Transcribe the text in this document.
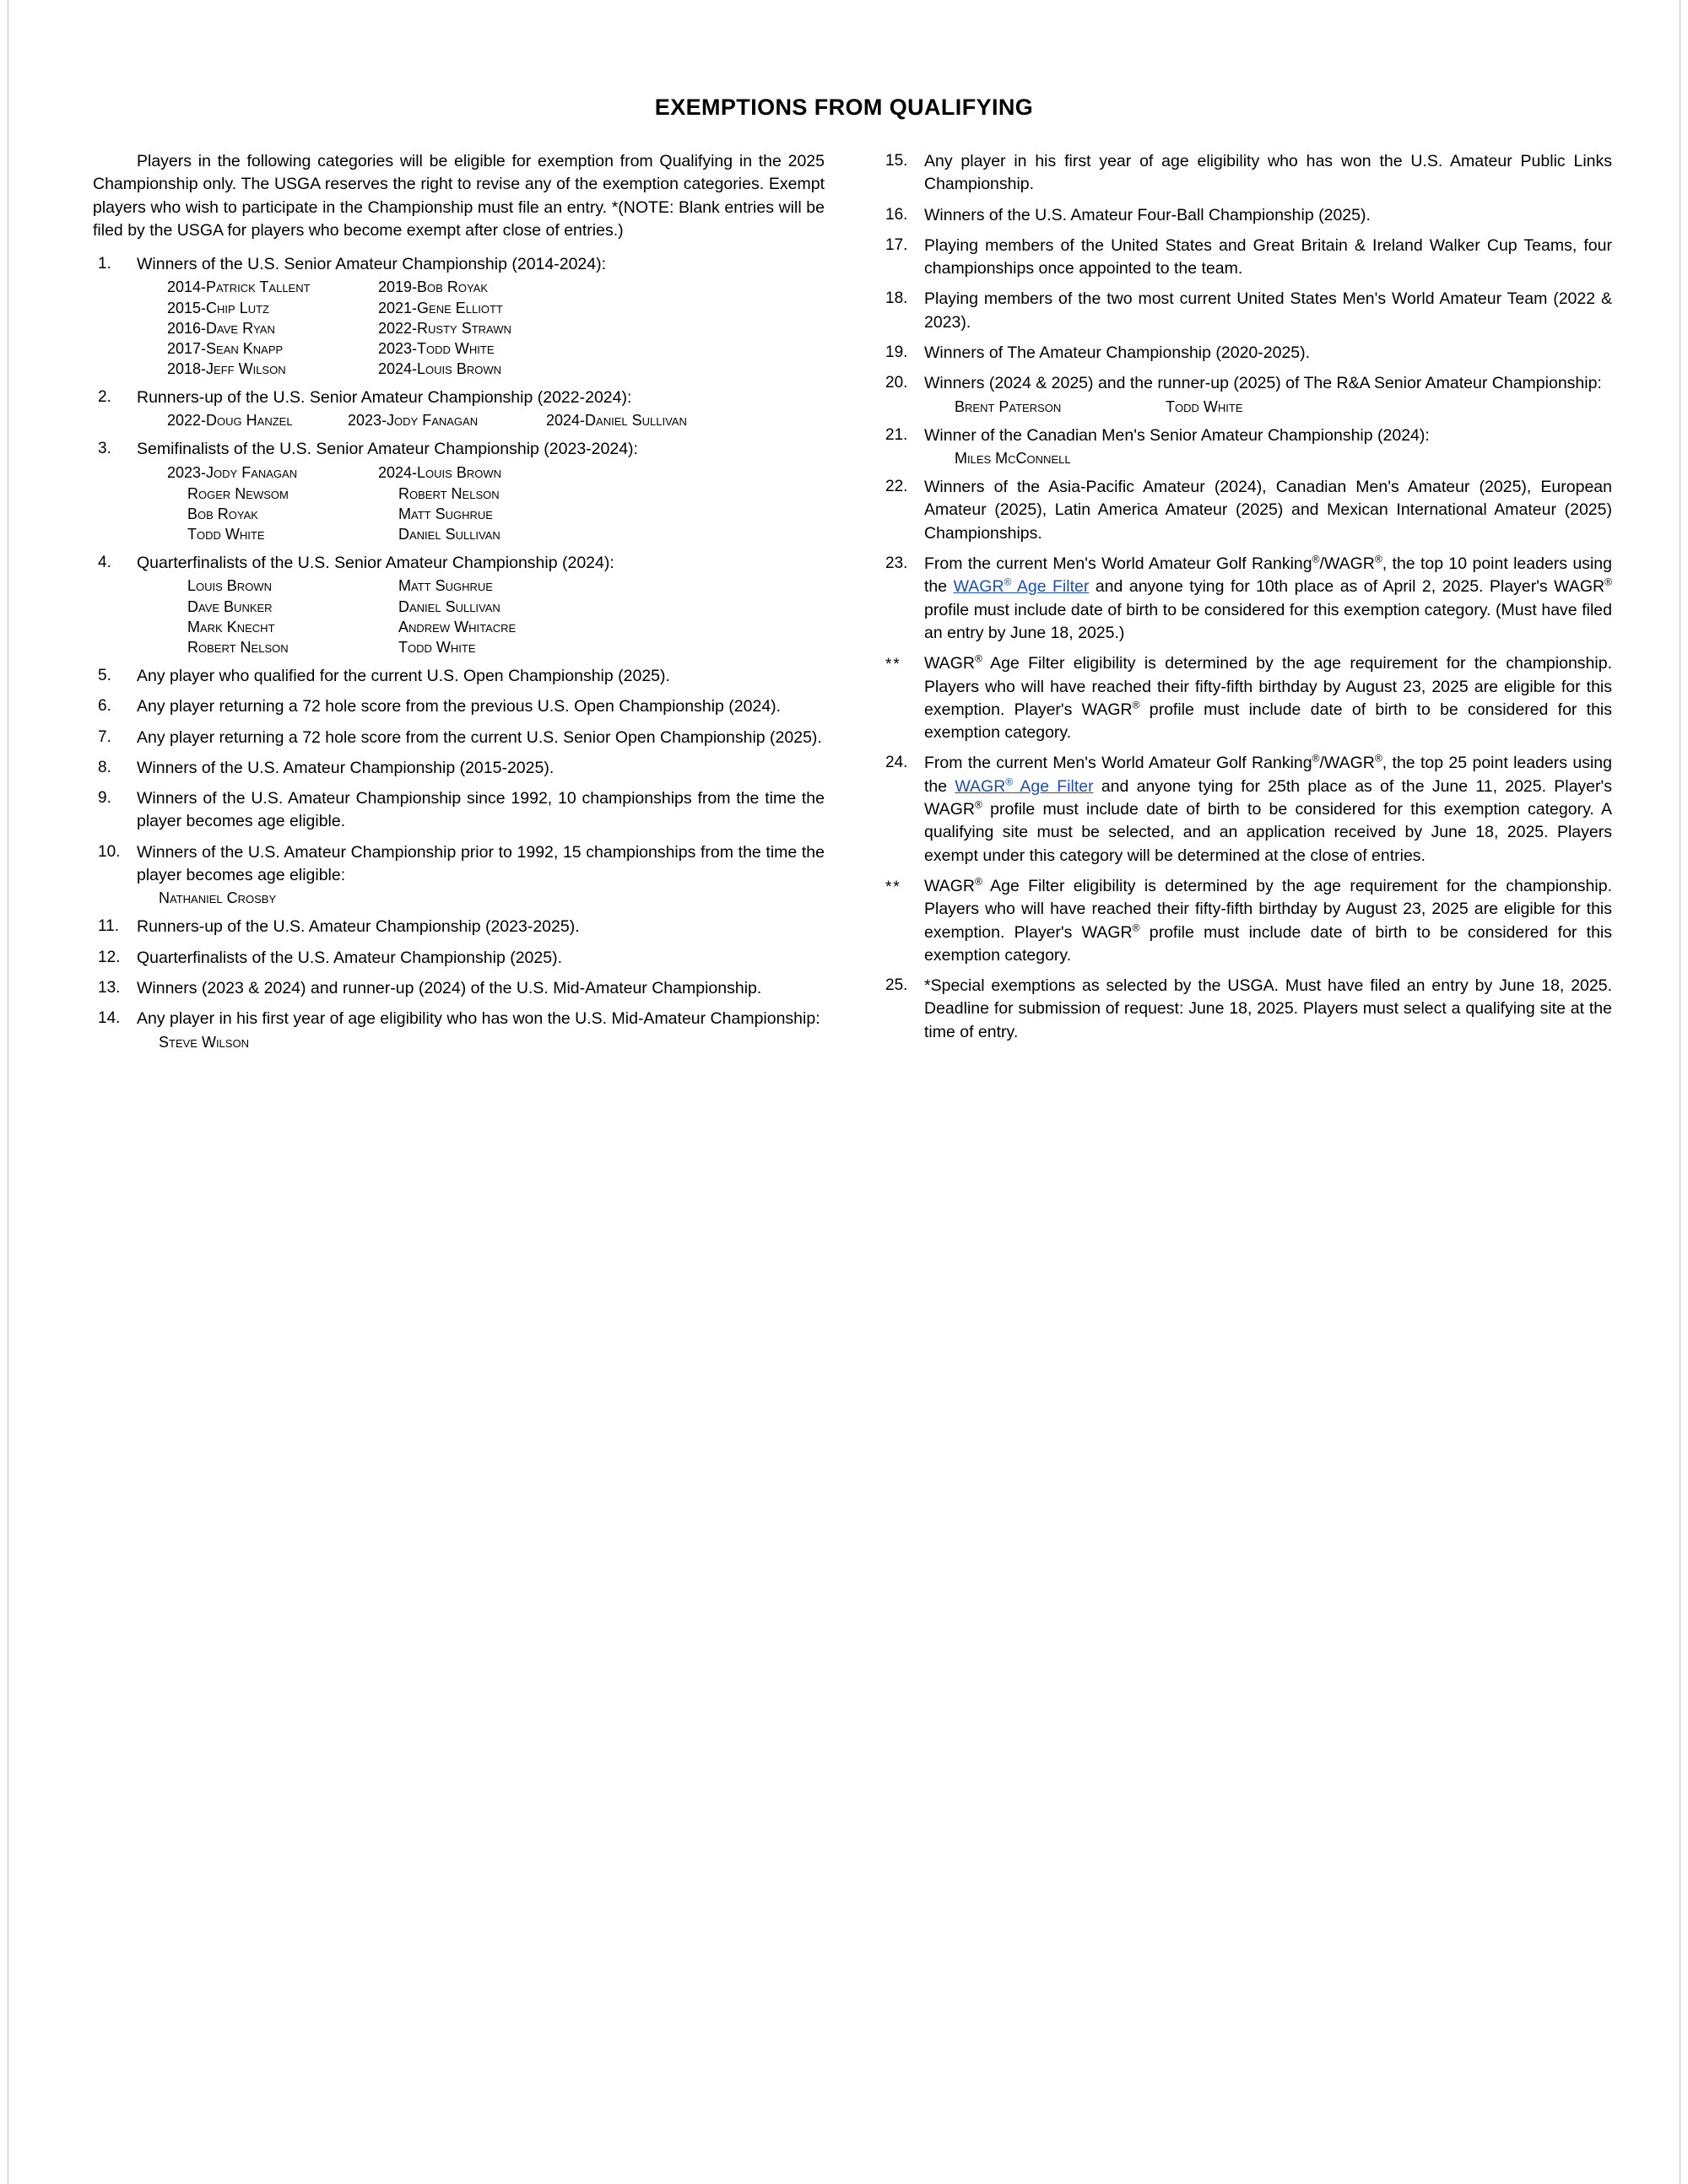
EXEMPTIONS FROM QUALIFYING
Players in the following categories will be eligible for exemption from Qualifying in the 2025 Championship only. The USGA reserves the right to revise any of the exemption categories. Exempt players who wish to participate in the Championship must file an entry. *(NOTE: Blank entries will be filed by the USGA for players who become exempt after close of entries.)
1.	Winners of the U.S. Senior Amateur Championship (2014-2024):
2014-Patrick Tallent	2019-Bob Royak
2015-Chip Lutz	2021-Gene Elliott
2016-Dave Ryan	2022-Rusty Strawn
2017-Sean Knapp	2023-Todd White
2018-Jeff Wilson	2024-Louis Brown
2.	Runners-up of the U.S. Senior Amateur Championship (2022-2024):
2022-Doug Hanzel	2023-Jody Fanagan	2024-Daniel Sullivan
3.	Semifinalists of the U.S. Senior Amateur Championship (2023-2024):
2023-Jody Fanagan	2024-Louis Brown
Roger Newsom	Robert Nelson
Bob Royak	Matt Sughrue
Todd White	Daniel Sullivan
4.	Quarterfinalists of the U.S. Senior Amateur Championship (2024):
Louis Brown	Matt Sughrue
Dave Bunker	Daniel Sullivan
Mark Knecht	Andrew Whitacre
Robert Nelson	Todd White
5.	Any player who qualified for the current U.S. Open Championship (2025).
6.	Any player returning a 72 hole score from the previous U.S. Open Championship (2024).
7.	Any player returning a 72 hole score from the current U.S. Senior Open Championship (2025).
8.	Winners of the U.S. Amateur Championship (2015-2025).
9.	Winners of the U.S. Amateur Championship since 1992, 10 championships from the time the player becomes age eligible.
10.	Winners of the U.S. Amateur Championship prior to 1992, 15 championships from the time the player becomes age eligible:
Nathaniel Crosby
11.	Runners-up of the U.S. Amateur Championship (2023-2025).
12.	Quarterfinalists of the U.S. Amateur Championship (2025).
13.	Winners (2023 & 2024) and runner-up (2024) of the U.S. Mid-Amateur Championship.
14.	Any player in his first year of age eligibility who has won the U.S. Mid-Amateur Championship:
Steve Wilson
15.	Any player in his first year of age eligibility who has won the U.S. Amateur Public Links Championship.
16.	Winners of the U.S. Amateur Four-Ball Championship (2025).
17.	Playing members of the United States and Great Britain & Ireland Walker Cup Teams, four championships once appointed to the team.
18.	Playing members of the two most current United States Men's World Amateur Team (2022 & 2023).
19.	Winners of The Amateur Championship (2020-2025).
20.	Winners (2024 & 2025) and the runner-up (2025) of The R&A Senior Amateur Championship:
Brent Paterson	Todd White
21.	Winner of the Canadian Men's Senior Amateur Championship (2024):
Miles McConnell
22.	Winners of the Asia-Pacific Amateur (2024), Canadian Men's Amateur (2025), European Amateur (2025), Latin America Amateur (2025) and Mexican International Amateur (2025) Championships.
23.	From the current Men's World Amateur Golf Ranking®/WAGR®, the top 10 point leaders using the WAGR® Age Filter and anyone tying for 10th place as of April 2, 2025. Player's WAGR® profile must include date of birth to be considered for this exemption category. (Must have filed an entry by June 18, 2025.)
** WAGR® Age Filter eligibility is determined by the age requirement for the championship. Players who will have reached their fifty-fifth birthday by August 23, 2025 are eligible for this exemption. Player's WAGR® profile must include date of birth to be considered for this exemption category.
24.	From the current Men's World Amateur Golf Ranking®/WAGR®, the top 25 point leaders using the WAGR® Age Filter and anyone tying for 25th place as of the June 11, 2025. Player's WAGR® profile must include date of birth to be considered for this exemption category. A qualifying site must be selected, and an application received by June 18, 2025. Players exempt under this category will be determined at the close of entries.
** WAGR® Age Filter eligibility is determined by the age requirement for the championship. Players who will have reached their fifty-fifth birthday by August 23, 2025 are eligible for this exemption. Player's WAGR® profile must include date of birth to be considered for this exemption category.
25.	*Special exemptions as selected by the USGA. Must have filed an entry by June 18, 2025. Deadline for submission of request: June 18, 2025. Players must select a qualifying site at the time of entry.
